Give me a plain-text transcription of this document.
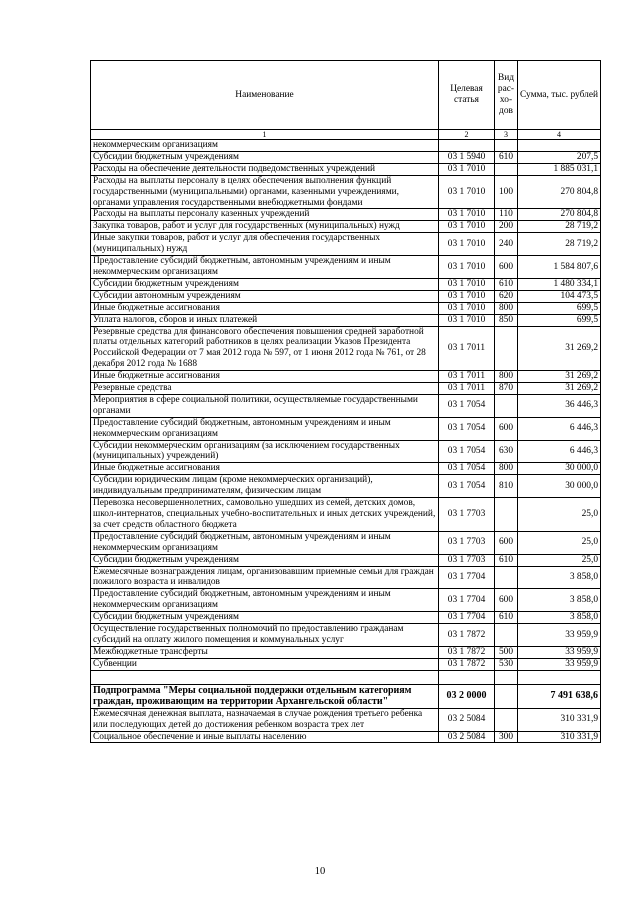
Наименование	Целевая статья	Вид рас-хо-дов	Сумма, тыс. рублей
1	2	3	4
некоммерческим организациям			
Субсидии бюджетным учреждениям	03 1 5940	610	207,5
Расходы на обеспечение деятельности подведомственных учреждений	03 1 7010		1 885 031,1
Расходы на выплаты персоналу в целях обеспечения выполнения функций государственными (муниципальными) органами, казенными учреждениями, органами управления государственными внебюджетными фондами	03 1 7010	100	270 804,8
Расходы на выплаты персоналу казенных учреждений	03 1 7010	110	270 804,8
Закупка товаров, работ и услуг для государственных (муниципальных) нужд	03 1 7010	200	28 719,2
Иные закупки товаров, работ и услуг для обеспечения государственных (муниципальных) нужд	03 1 7010	240	28 719,2
Предоставление субсидий бюджетным, автономным учреждениям и иным некоммерческим организациям	03 1 7010	600	1 584 807,6
Субсидии бюджетным учреждениям	03 1 7010	610	1 480 334,1
Субсидии автономным учреждениям	03 1 7010	620	104 473,5
Иные бюджетные ассигнования	03 1 7010	800	699,5
Уплата налогов, сборов и иных платежей	03 1 7010	850	699,5
Резервные средства для финансового обеспечения повышения средней заработной платы отдельных категорий работников в целях реализации Указов Президента Российской Федерации от 7 мая 2012 года № 597, от 1 июня 2012 года № 761, от 28 декабря 2012 года № 1688	03 1 7011		31 269,2
Иные бюджетные ассигнования	03 1 7011	800	31 269,2
Резервные средства	03 1 7011	870	31 269,2
Мероприятия в сфере социальной политики, осуществляемые государственными органами	03 1 7054		36 446,3
Предоставление субсидий бюджетным, автономным учреждениям и иным некоммерческим организациям	03 1 7054	600	6 446,3
Субсидии некоммерческим организациям (за исключением государственных (муниципальных) учреждений)	03 1 7054	630	6 446,3
Иные бюджетные ассигнования	03 1 7054	800	30 000,0
Субсидии юридическим лицам (кроме некоммерческих организаций), индивидуальным предпринимателям, физическим лицам	03 1 7054	810	30 000,0
Перевозка несовершеннолетних, самовольно ушедших из семей, детских домов, школ-интернатов, специальных учебно-воспитательных и иных детских учреждений, за счет средств областного бюджета	03 1 7703		25,0
Предоставление субсидий бюджетным, автономным учреждениям и иным некоммерческим организациям	03 1 7703	600	25,0
Субсидии бюджетным учреждениям	03 1 7703	610	25,0
Ежемесячные вознаграждения лицам, организовавшим приемные семьи для граждан пожилого возраста и инвалидов	03 1 7704		3 858,0
Предоставление субсидий бюджетным, автономным учреждениям и иным некоммерческим организациям	03 1 7704	600	3 858,0
Субсидии бюджетным учреждениям	03 1 7704	610	3 858,0
Осуществление государственных полномочий по предоставлению гражданам субсидий на оплату жилого помещения и коммунальных услуг	03 1 7872		33 959,9
Межбюджетные трансферты	03 1 7872	500	33 959,9
Субвенции	03 1 7872	530	33 959,9

Подпрограмма "Меры социальной поддержки отдельным категориям граждан, проживающим на территории Архангельской области"	03 2 0000		7 491 638,6
Ежемесячная денежная выплата, назначаемая в случае рождения третьего ребенка или последующих детей до достижения ребенком возраста трех лет	03 2 5084		310 331,9
Социальное обеспечение и иные выплаты населению	03 2 5084	300	310 331,9
10
